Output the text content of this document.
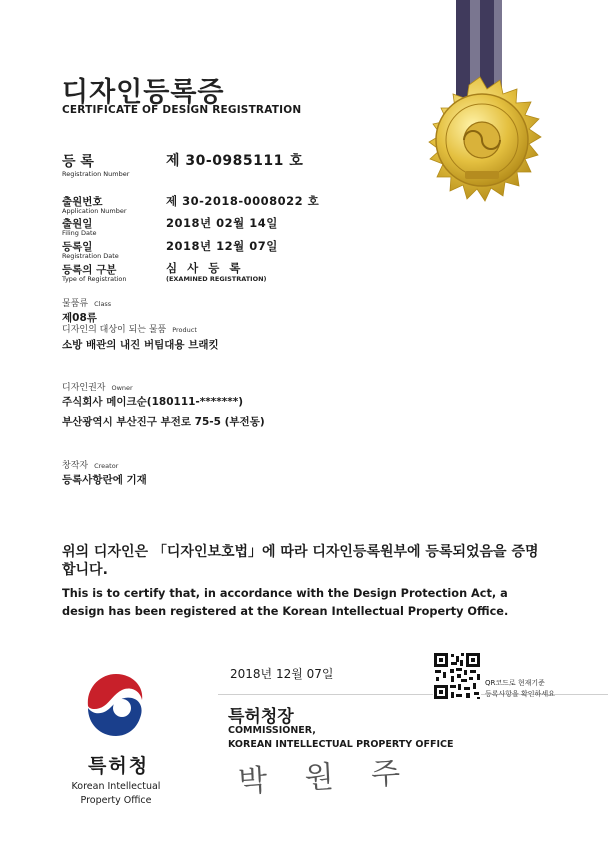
디자인등록증
CERTIFICATE OF DESIGN REGISTRATION
등 록
Registration Number
제 30-0985111 호
출원번호
Application Number
제 30-2018-0008022 호
출원일
Filing Date
2018년 02월 14일
등록일
Registration Date
2018년 12월 07일
등록의 구분
Type of Registration
심 사 등 록
(EXAMINED REGISTRATION)
물품류 Class
제08류
디자인의 대상이 되는 물품 Product
소방 배관의 내진 버팀대용 브래킷
디자인권자 Owner
주식회사 메이크순(180111-*******)
부산광역시 부산진구 부전로 75-5 (부전동)
창작자 Creator
등록사항란에 기재
위의 디자인은 「디자인보호법」에 따라 디자인등록원부에 등록되었음을 증명합니다.
This is to certify that, in accordance with the Design Protection Act, a design has been registered at the Korean Intellectual Property Office.
2018년 12월 07일
특허청장
COMMISSIONER,
KOREAN INTELLECTUAL PROPERTY OFFICE
박 원 주
QR코드로 현재기준
등록사항을 확인하세요
특허청
Korean Intellectual Property Office
